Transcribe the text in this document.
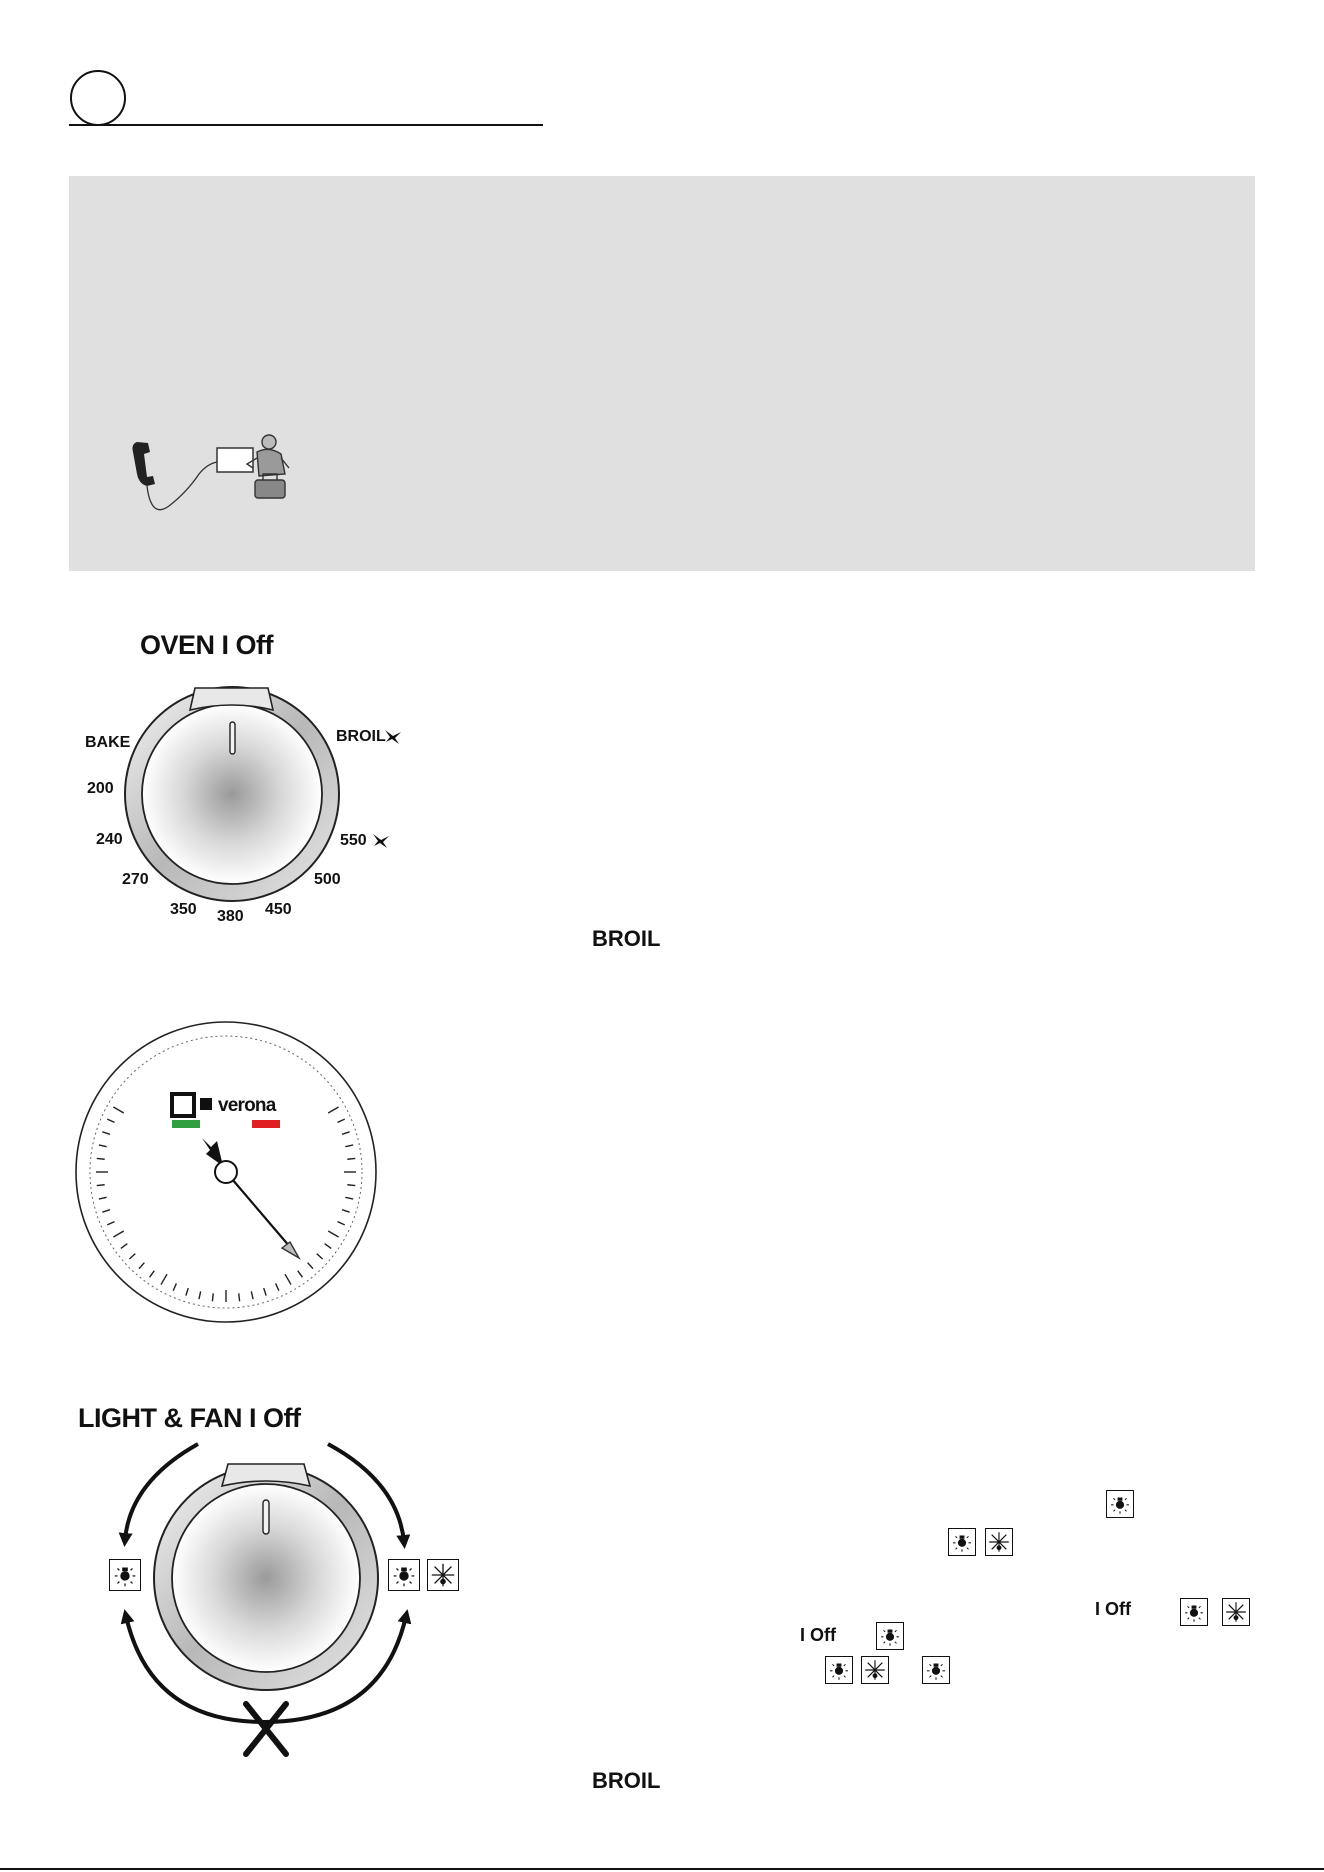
OVEN I Off
BAKE
200
240
270
350 380 450
500
550
BROIL
BROIL
verona
LIGHT & FAN I Off
I Off
I Off
BROIL
